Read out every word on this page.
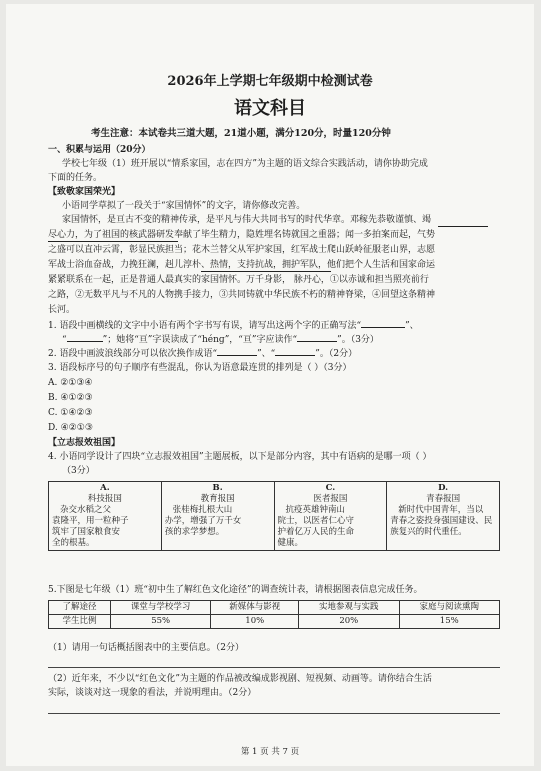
2026年上学期七年级期中检测试卷
语文科目
考生注意：本试卷共三道大题，21道小题，满分120分，时量120分钟
一、积累与运用（20分）
学校七年级（1）班开展以“情系家国，志在四方”为主题的语文综合实践活动，请你协助完成
下面的任务。
【致敬家国荣光】
小语同学草拟了一段关于“家国情怀”的文字，请你修改完善。
家国情怀，是亘古不变的精神传承，是平凡与伟大共同书写的时代华章。邓稼先恭敬谨慎、竭
尽心力，为了祖国的核武器研发奉献了毕生精力，隐姓埋名铸就国之重器；闻一多拍案而起，气势
之盛可以直冲云霄，彰显民族担当；花木兰替父从军护家国，红军战士爬山跃岭征服老山界，志愿
军战士浴血奋战，力挽狂澜，赳儿淳朴、热情，支持抗战，拥护军队，他们把个人生活和国家命运
紧紧联系在一起，正是普通人最真实的家国情怀。万千身影， 脉丹心，①以赤诚和担当照亮前行
之路，②无数平凡与不凡的人物携手接力，③共同铸就中华民族不朽的精神脊梁，④回望这条精神
长河。
1. 语段中画横线的文字中小语有两个字书写有误，请写出这两个字的正确写法“	”、
“	”；她将“亘”字误读成了“hénɡ”，“亘”字应读作“	”。（3分）
2. 语段中画波浪线部分可以依次换作成语“	”、“	”。（2分）
3. 语段标序号的句子顺序有些混乱，你认为语意最连贯的排列是（ ）（3分）
A. ②①③④
B. ④①②③
C. ①④②③
D. ④②①③
【立志报效祖国】
4. 小语同学设计了四块“立志报效祖国”主题展板，以下是部分内容，其中有语病的是哪一项（ ）
（3分）
A.
科技报国
杂交水稻之父
袁隆平，用一粒种子
筑牢了国家粮食安
全的根基。

B.
教育报国
张桂梅扎根大山
办学，增强了万千女
孩的求学梦想。

C.
医者报国
抗疫英雄钟南山
院士，以医者仁心守
护着亿万人民的生命
健康。

D.
青春报国
新时代中国青年，当以
青春之姿投身强国建设、民
族复兴的时代重任。
5.下图是七年级（1）班“初中生了解红色文化途径”的调查统计表，请根据图表信息完成任务。
了解途径	课堂与学校学习	新媒体与影视	实地参观与实践	家庭与阅读熏陶
学生比例	55%	10%	20%	15%
（1）请用一句话概括图表中的主要信息。（2分）
（2）近年来，不少以“红色文化”为主题的作品被改编成影视剧、短视频、动画等。请你结合生活
实际，谈谈对这一现象的看法，并说明理由。（2分）
第 1 页 共 7 页
